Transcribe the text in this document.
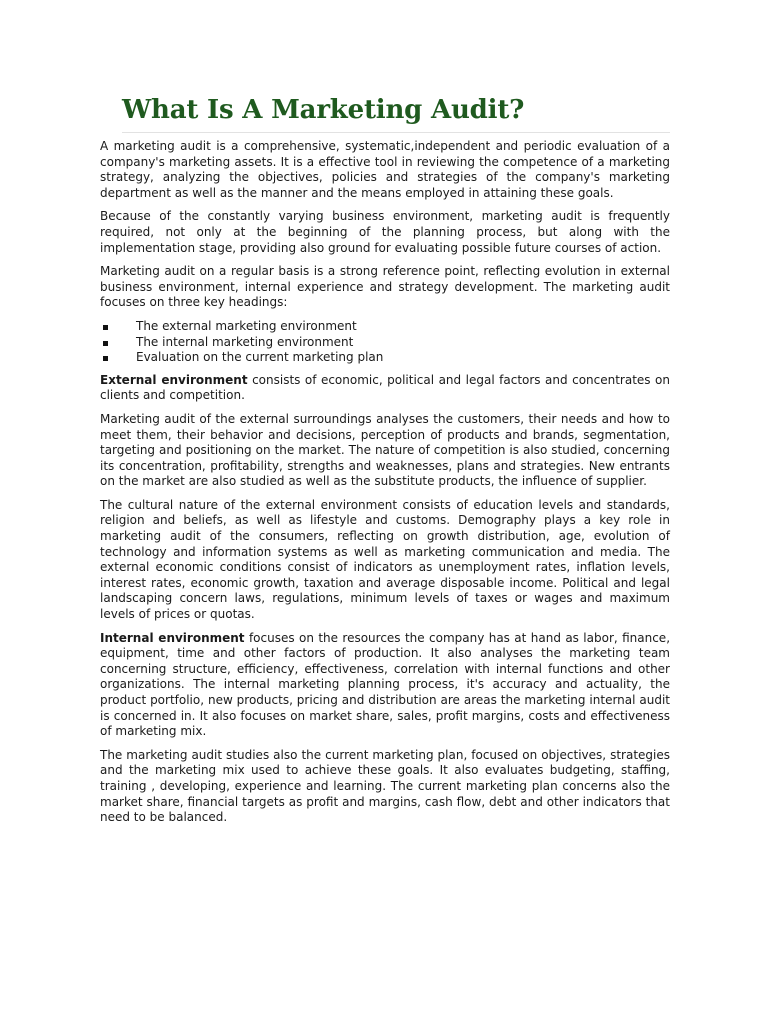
What Is A Marketing Audit?

A marketing audit is a comprehensive, systematic,independent and periodic evaluation of a company's marketing assets. It is a effective tool in reviewing the competence of a marketing strategy, analyzing the objectives, policies and strategies of the company's marketing department as well as the manner and the means employed in attaining these goals.

Because of the constantly varying business environment, marketing audit is frequently required, not only at the beginning of the planning process, but along with the implementation stage, providing also ground for evaluating possible future courses of action.

Marketing audit on a regular basis is a strong reference point, reflecting evolution in external business environment, internal experience and strategy development. The marketing audit focuses on three key headings:

The external marketing environment
The internal marketing environment
Evaluation on the current marketing plan

External environment consists of economic, political and legal factors and concentrates on clients and competition.

Marketing audit of the external surroundings analyses the customers, their needs and how to meet them, their behavior and decisions, perception of products and brands, segmentation, targeting and positioning on the market. The nature of competition is also studied, concerning its concentration, profitability, strengths and weaknesses, plans and strategies. New entrants on the market are also studied as well as the substitute products, the influence of supplier.

The cultural nature of the external environment consists of education levels and standards, religion and beliefs, as well as lifestyle and customs. Demography plays a key role in marketing audit of the consumers, reflecting on growth distribution, age, evolution of technology and information systems as well as marketing communication and media. The external economic conditions consist of indicators as unemployment rates, inflation levels, interest rates, economic growth, taxation and average disposable income. Political and legal landscaping concern laws, regulations, minimum levels of taxes or wages and maximum levels of prices or quotas.

Internal environment focuses on the resources the company has at hand as labor, finance, equipment, time and other factors of production. It also analyses the marketing team concerning structure, efficiency, effectiveness, correlation with internal functions and other organizations. The internal marketing planning process, it's accuracy and actuality, the product portfolio, new products, pricing and distribution are areas the marketing internal audit is concerned in. It also focuses on market share, sales, profit margins, costs and effectiveness of marketing mix.

The marketing audit studies also the current marketing plan, focused on objectives, strategies and the marketing mix used to achieve these goals. It also evaluates budgeting, staffing, training , developing, experience and learning. The current marketing plan concerns also the market share, financial targets as profit and margins, cash flow, debt and other indicators that need to be balanced.
